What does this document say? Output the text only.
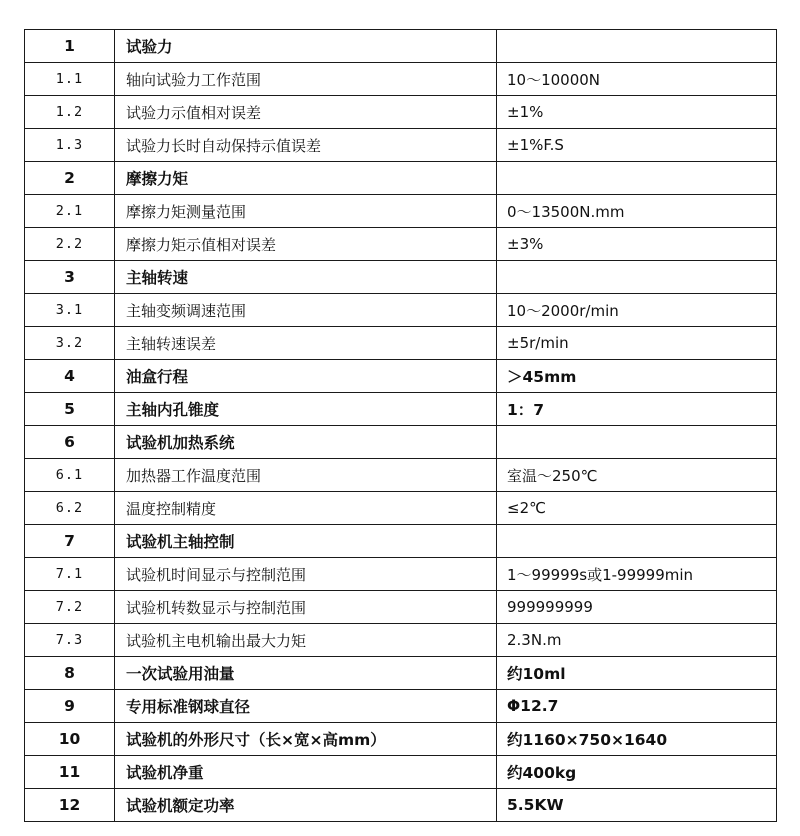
1	试验力	
1.1	轴向试验力工作范围	10～10000N
1.2	试验力示值相对误差	±1%
1.3	试验力长时自动保持示值误差	±1%F.S
2	摩擦力矩	
2.1	摩擦力矩测量范围	0～13500N.mm
2.2	摩擦力矩示值相对误差	±3%
3	主轴转速	
3.1	主轴变频调速范围	10～2000r/min
3.2	主轴转速误差	±5r/min
4	油盒行程	＞45mm
5	主轴内孔锥度	1：7
6	试验机加热系统	
6.1	加热器工作温度范围	室温～250℃
6.2	温度控制精度	≤2℃
7	试验机主轴控制	
7.1	试验机时间显示与控制范围	1～99999s或1-99999min
7.2	试验机转数显示与控制范围	999999999
7.3	试验机主电机输出最大力矩	2.3N.m
8	一次试验用油量	约10ml
9	专用标准钢球直径	Φ12.7
10	试验机的外形尺寸（长×宽×高mm）	约1160×750×1640
11	试验机净重	约400kg
12	试验机额定功率	5.5KW
